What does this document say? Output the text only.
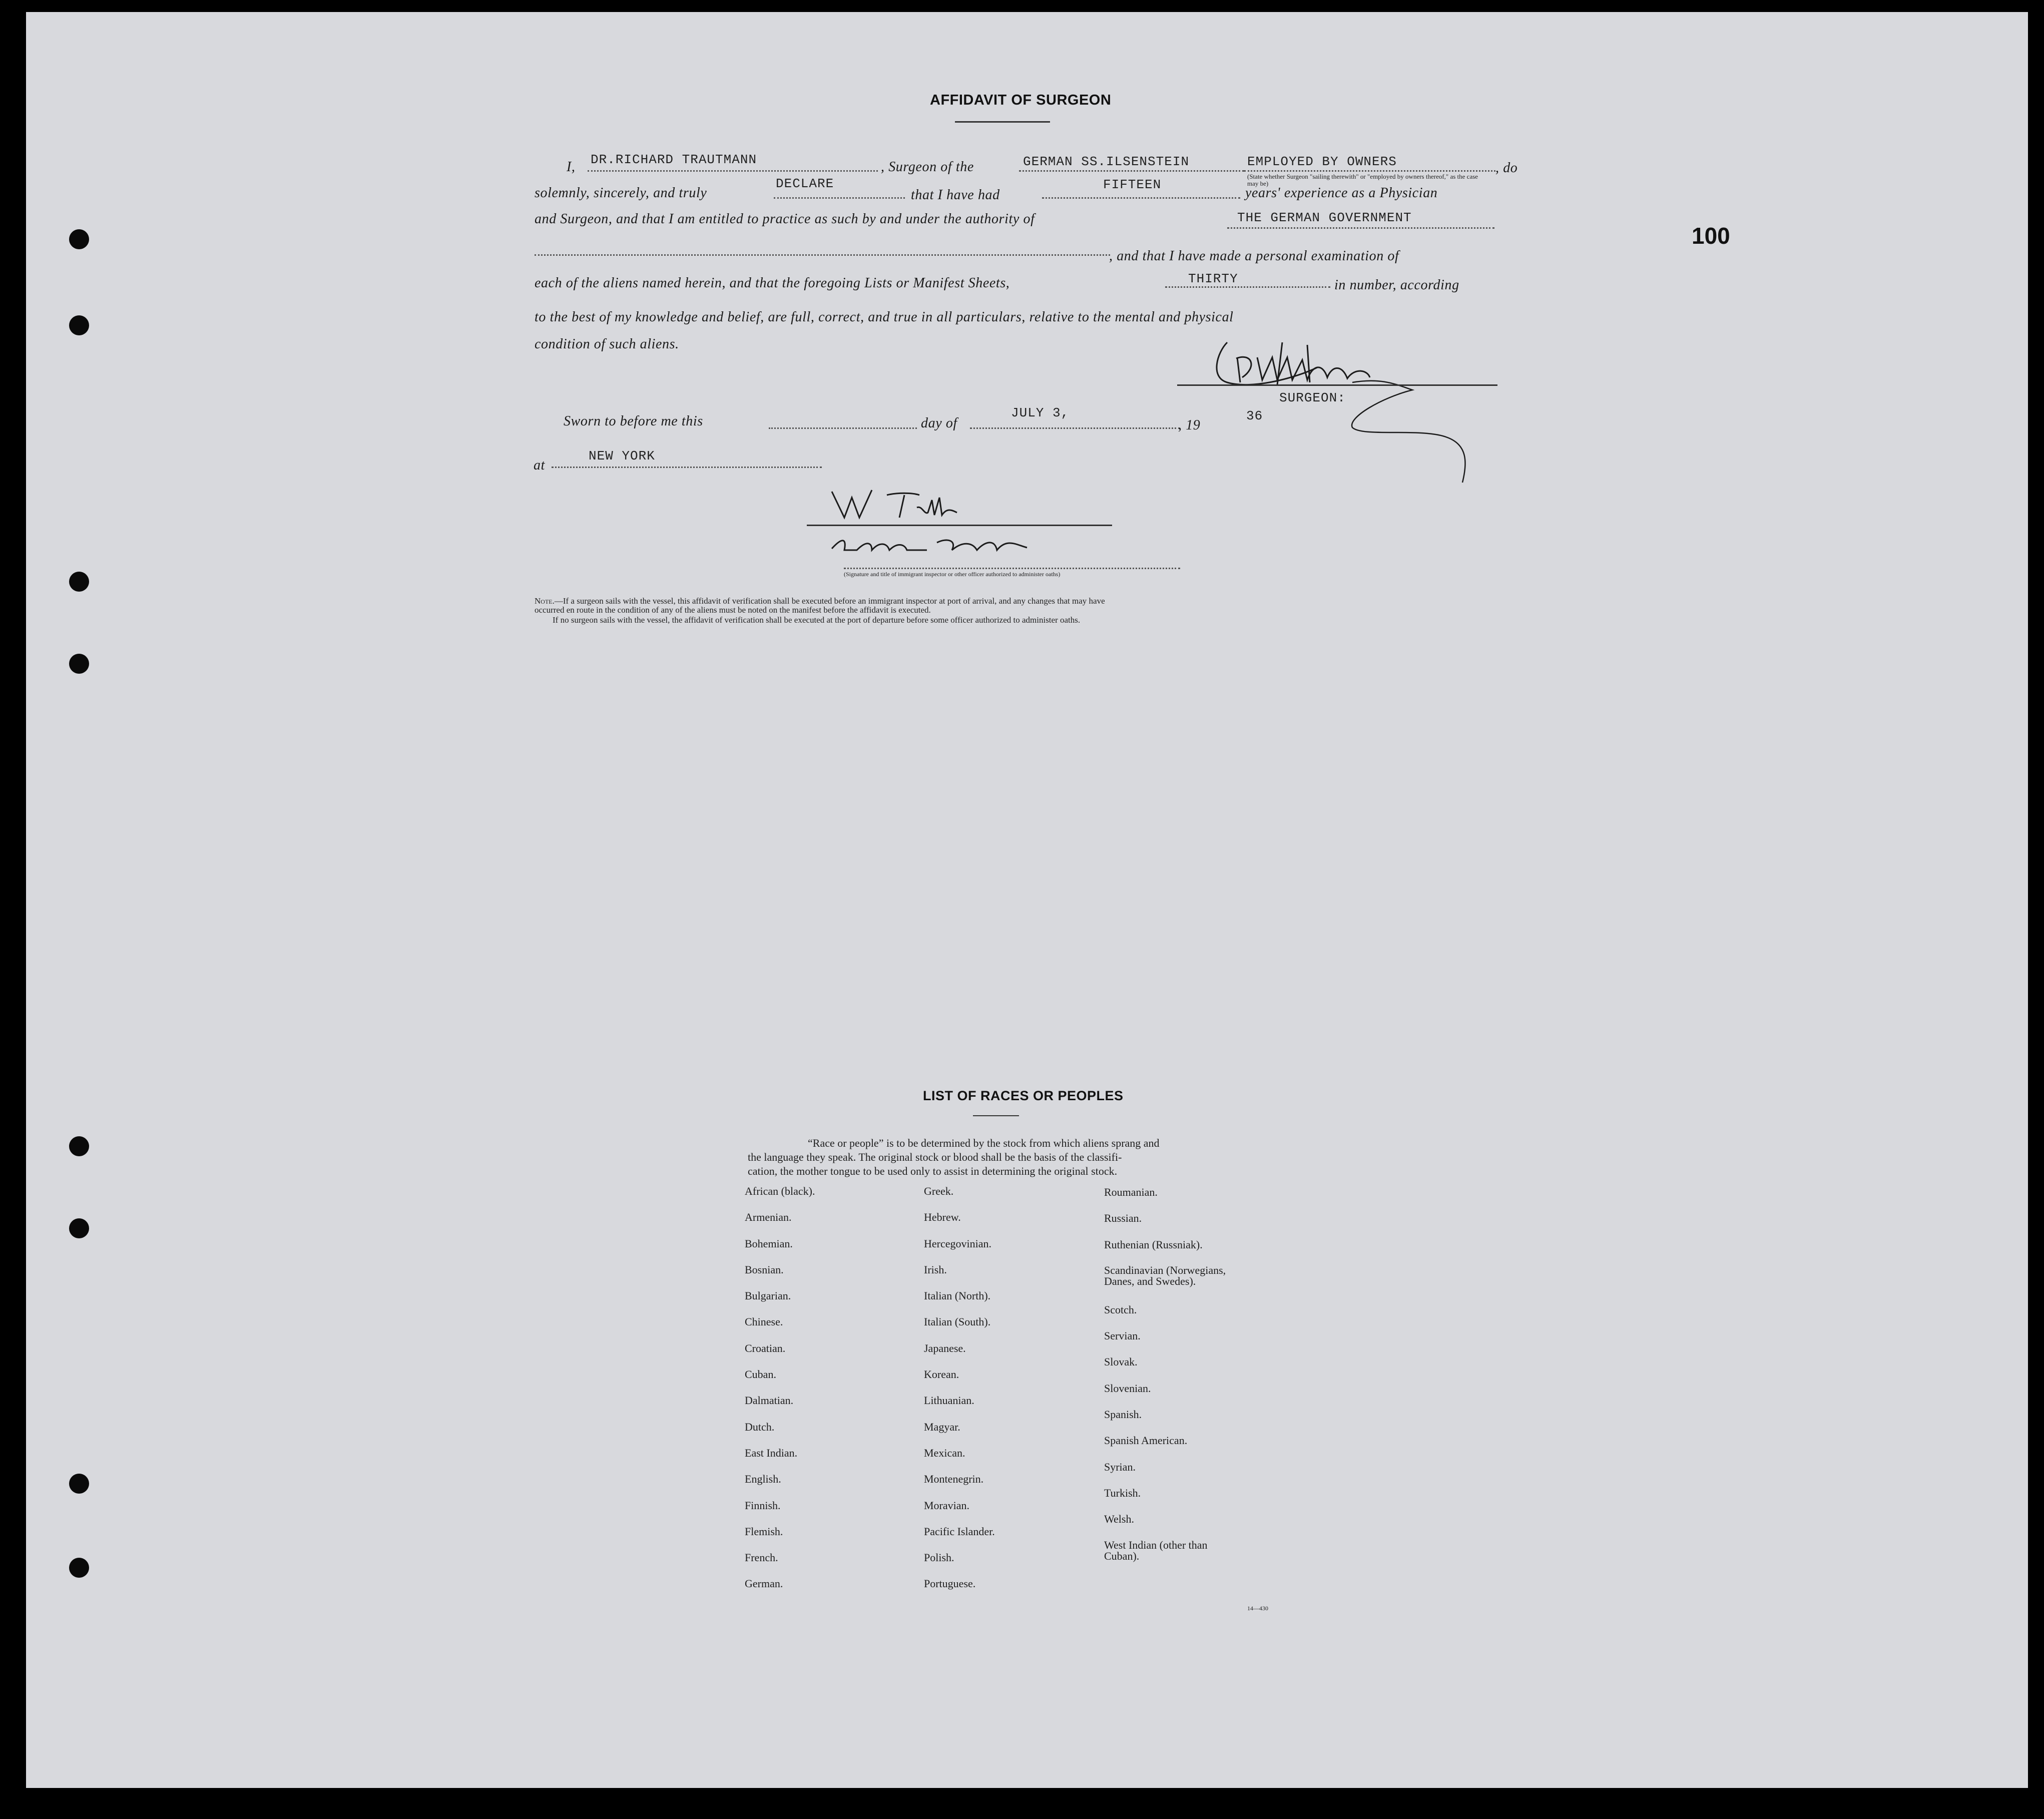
100
AFFIDAVIT OF SURGEON
I, DR.RICHARD TRAUTMANN	, Surgeon of the	GERMAN SS.ILSENSTEIN	EMPLOYED BY OWNERS	, do
(State whether Surgeon "sailing therewith" or "employed by owners thereof," as the case may be)
solemnly, sincerely, and truly
DECLARE
that I have had
FIFTEEN
years' experience as a Physician
and Surgeon, and that I am entitled to practice as such by and under the authority of	THE GERMAN GOVERNMENT
, and that I have made a personal examination of
each of the aliens named herein, and that the foregoing Lists or Manifest Sheets,	THIRTY	in number, according
to the best of my knowledge and belief, are full, correct, and true in all particulars, relative to the mental and physical
condition of such aliens.
SURGEON:
Sworn to before me this	day of
JULY 3,
, 19
36
at
NEW YORK
(Signature and title of immigrant inspector or other officer authorized to administer oaths)
Note.—If a surgeon sails with the vessel, this affidavit of verification shall be executed before an immigrant inspector at port of arrival, and any changes that may have
occurred en route in the condition of any of the aliens must be noted on the manifest before the affidavit is executed.
If no surgeon sails with the vessel, the affidavit of verification shall be executed at the port of departure before some officer authorized to administer oaths.
LIST OF RACES OR PEOPLES
“Race or people” is to be determined by the stock from which aliens sprang and
the language they speak. The original stock or blood shall be the basis of the classifi-
cation, the mother tongue to be used only to assist in determining the original stock.
African (black).
Armenian.
Bohemian.
Bosnian.
Bulgarian.
Chinese.
Croatian.
Cuban.
Dalmatian.
Dutch.
East Indian.
English.
Finnish.
Flemish.
French.
German.
Greek.
Hebrew.
Hercegovinian.
Irish.
Italian (North).
Italian (South).
Japanese.
Korean.
Lithuanian.
Magyar.
Mexican.
Montenegrin.
Moravian.
Pacific Islander.
Polish.
Portuguese.
Roumanian.
Russian.
Ruthenian (Russniak).
Scandinavian (Norwegians,
Danes, and Swedes).
Scotch.
Servian.
Slovak.
Slovenian.
Spanish.
Spanish American.
Syrian.
Turkish.
Welsh.
West Indian (other than
Cuban).
14—430
